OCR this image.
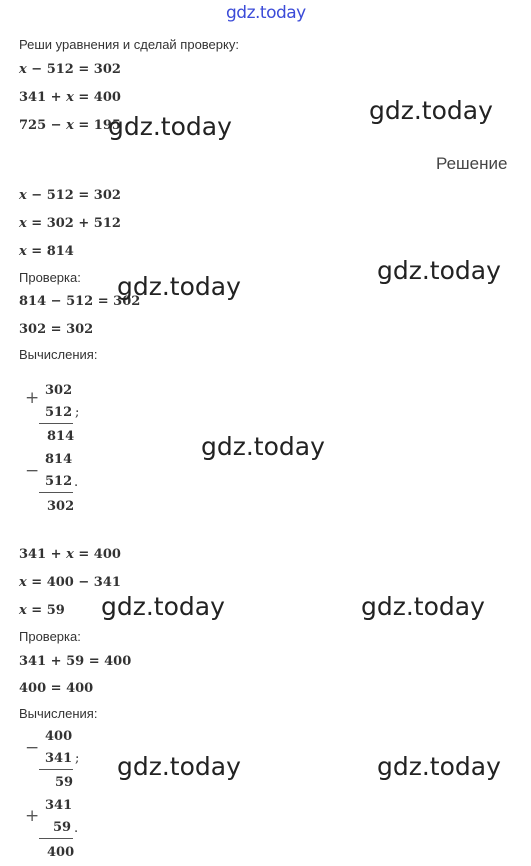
gdz.today
Реши уравнения и сделай проверку:
x − 512 = 302
341 + x = 400
725 − x = 195
Решение
x − 512 = 302
x = 302 + 512
x = 814
Проверка:
814 − 512 = 302
302 = 302
Вычисления:
+ 302
512 ;
814
−
814
512 .
302
341 + x = 400
x = 400 − 341
x = 59
Проверка:
341 + 59 = 400
400 = 400
Вычисления:
−
400
341 ;
59
+
341
59 .
400
gdz.today
gdz.today
gdz.today
gdz.today
gdz.today
gdz.today	gdz.today
gdz.today	gdz.today
